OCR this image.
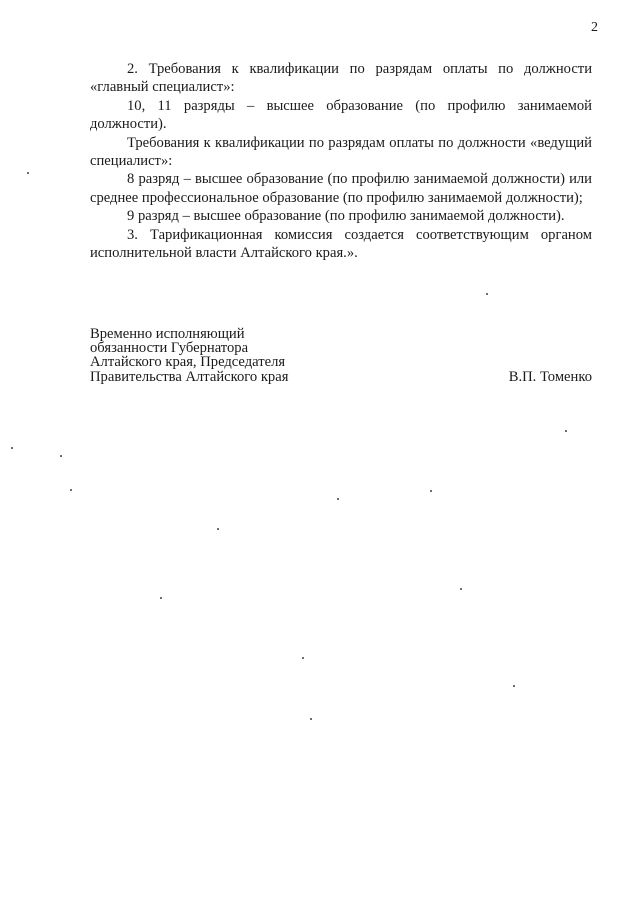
2

2. Требования к квалификации по разрядам оплаты по должности «главный специалист»:

10, 11 разряды – высшее образование (по профилю занимаемой должности).

Требования к квалификации по разрядам оплаты по должности «ведущий специалист»:

8 разряд – высшее образование (по профилю занимаемой должности) или среднее профессиональное образование (по профилю занимаемой должности);

9 разряд – высшее образование (по профилю занимаемой должности).

3. Тарификационная комиссия создается соответствующим органом исполнительной власти Алтайского края.».

Временно исполняющий
обязанности Губернатора
Алтайского края, Председателя
Правительства Алтайского края	В.П. Томенко
